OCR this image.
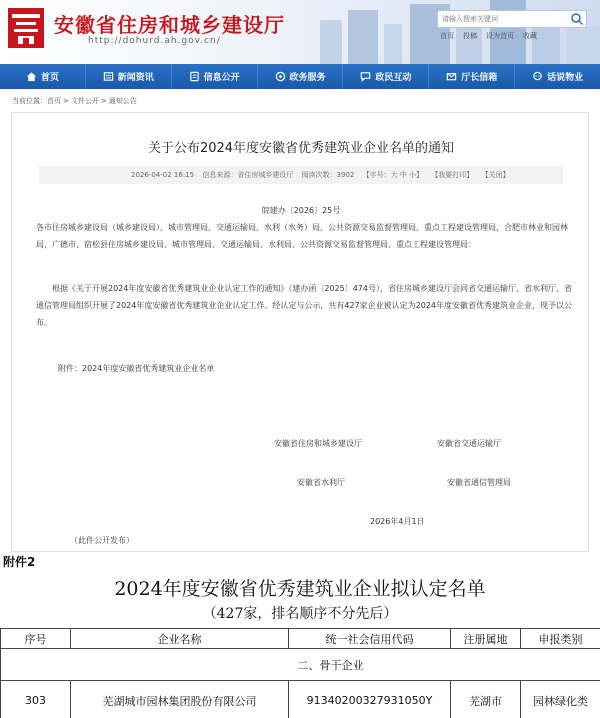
安徽省住房和城乡建设厅
http://dohurd.ah.gov.cn/
请输入搜索关键词	首页 投稿 设为首页 收藏
首页	新闻资讯	信息公开	政务服务	政民互动	厅长信箱	话说物业
当前位置：首页 > 文件公开 > 通知公告
关于公布2024年度安徽省优秀建筑业企业名单的通知
2026-04-02 16:15 信息来源：省住房城乡建设厅 阅读次数：3902 【字号：大 中 小】 【我要打印】 【关闭】
皖建办〔2026〕25号
各市住房城乡建设局（城乡建设局）、城市管理局、交通运输局、水利（水务）局、公共资源交易监督管理局、重点工程建设管理局，合肥市林业和园林局，广德市、宿松县住房城乡建设局、城市管理局、交通运输局、水利局、公共资源交易监督管理局、重点工程建设管理局：
根据《关于开展2024年度安徽省优秀建筑业企业认定工作的通知》（建办函〔2025〕474号），省住房城乡建设厅会同省交通运输厅、省水利厅、省通信管理局组织开展了2024年度安徽省优秀建筑业企业认定工作。经认定与公示，共有427家企业被认定为2024年度安徽省优秀建筑业企业，现予以公布。
附件：2024年度安徽省优秀建筑业企业名单
安徽省住房和城乡建设厅	安徽省交通运输厅
安徽省水利厅	安徽省通信管理局
2026年4月1日
（此件公开发布）
附件2
2024年度安徽省优秀建筑业企业拟认定名单
（427家，排名顺序不分先后）
序号	企业名称	统一社会信用代码	注册属地	申报类别
二、骨干企业				
303	芜湖城市园林集团股份有限公司	913402003279310​50Y	芜湖市	园林绿化类
